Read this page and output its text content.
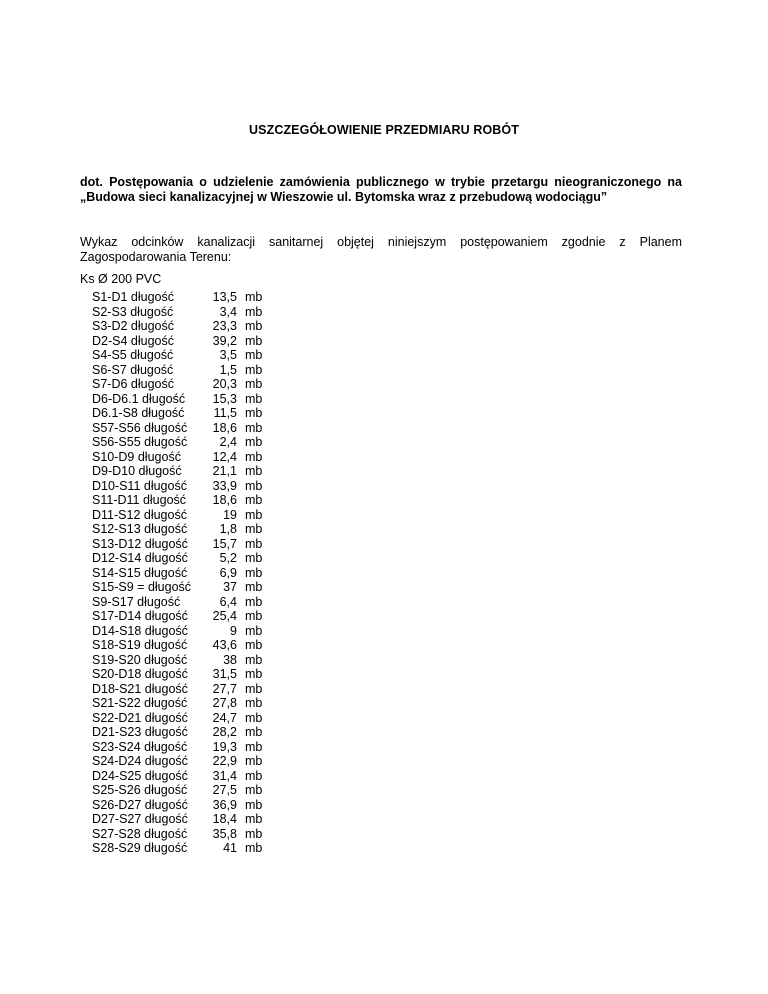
USZCZEGÓŁOWIENIE PRZEDMIARU ROBÓT
dot. Postępowania o udzielenie zamówienia publicznego w trybie przetargu nieograniczonego na „Budowa sieci kanalizacyjnej w Wieszowie ul. Bytomska wraz z przebudową wodociągu”
Wykaz odcinków kanalizacji sanitarnej objętej niniejszym postępowaniem zgodnie z Planem Zagospodarowania Terenu:
Ks Ø 200 PVC
S1-D1 długość	13,5 mb
S2-S3 długość	3,4 mb
S3-D2 długość	23,3 mb
D2-S4 długość	39,2 mb
S4-S5 długość	3,5 mb
S6-S7 długość	1,5 mb
S7-D6 długość	20,3 mb
D6-D6.1 długość	15,3 mb
D6.1-S8 długość	11,5 mb
S57-S56 długość	18,6 mb
S56-S55 długość	2,4 mb
S10-D9 długość	12,4 mb
D9-D10 długość	21,1 mb
D10-S11 długość	33,9 mb
S11-D11 długość	18,6 mb
D11-S12 długość	19 mb
S12-S13 długość	1,8 mb
S13-D12 długość	15,7 mb
D12-S14 długość	5,2 mb
S14-S15 długość	6,9 mb
S15-S9 = długość	37 mb
S9-S17 długość	6,4 mb
S17-D14 długość	25,4 mb
D14-S18 długość	9 mb
S18-S19 długość	43,6 mb
S19-S20 długość	38 mb
S20-D18 długość	31,5 mb
D18-S21 długość	27,7 mb
S21-S22 długość	27,8 mb
S22-D21 długość	24,7 mb
D21-S23 długość	28,2 mb
S23-S24 długość	19,3 mb
S24-D24 długość	22,9 mb
D24-S25 długość	31,4 mb
S25-S26 długość	27,5 mb
S26-D27 długość	36,9 mb
D27-S27 długość	18,4 mb
S27-S28 długość	35,8 mb
S28-S29 długość	41 mb
